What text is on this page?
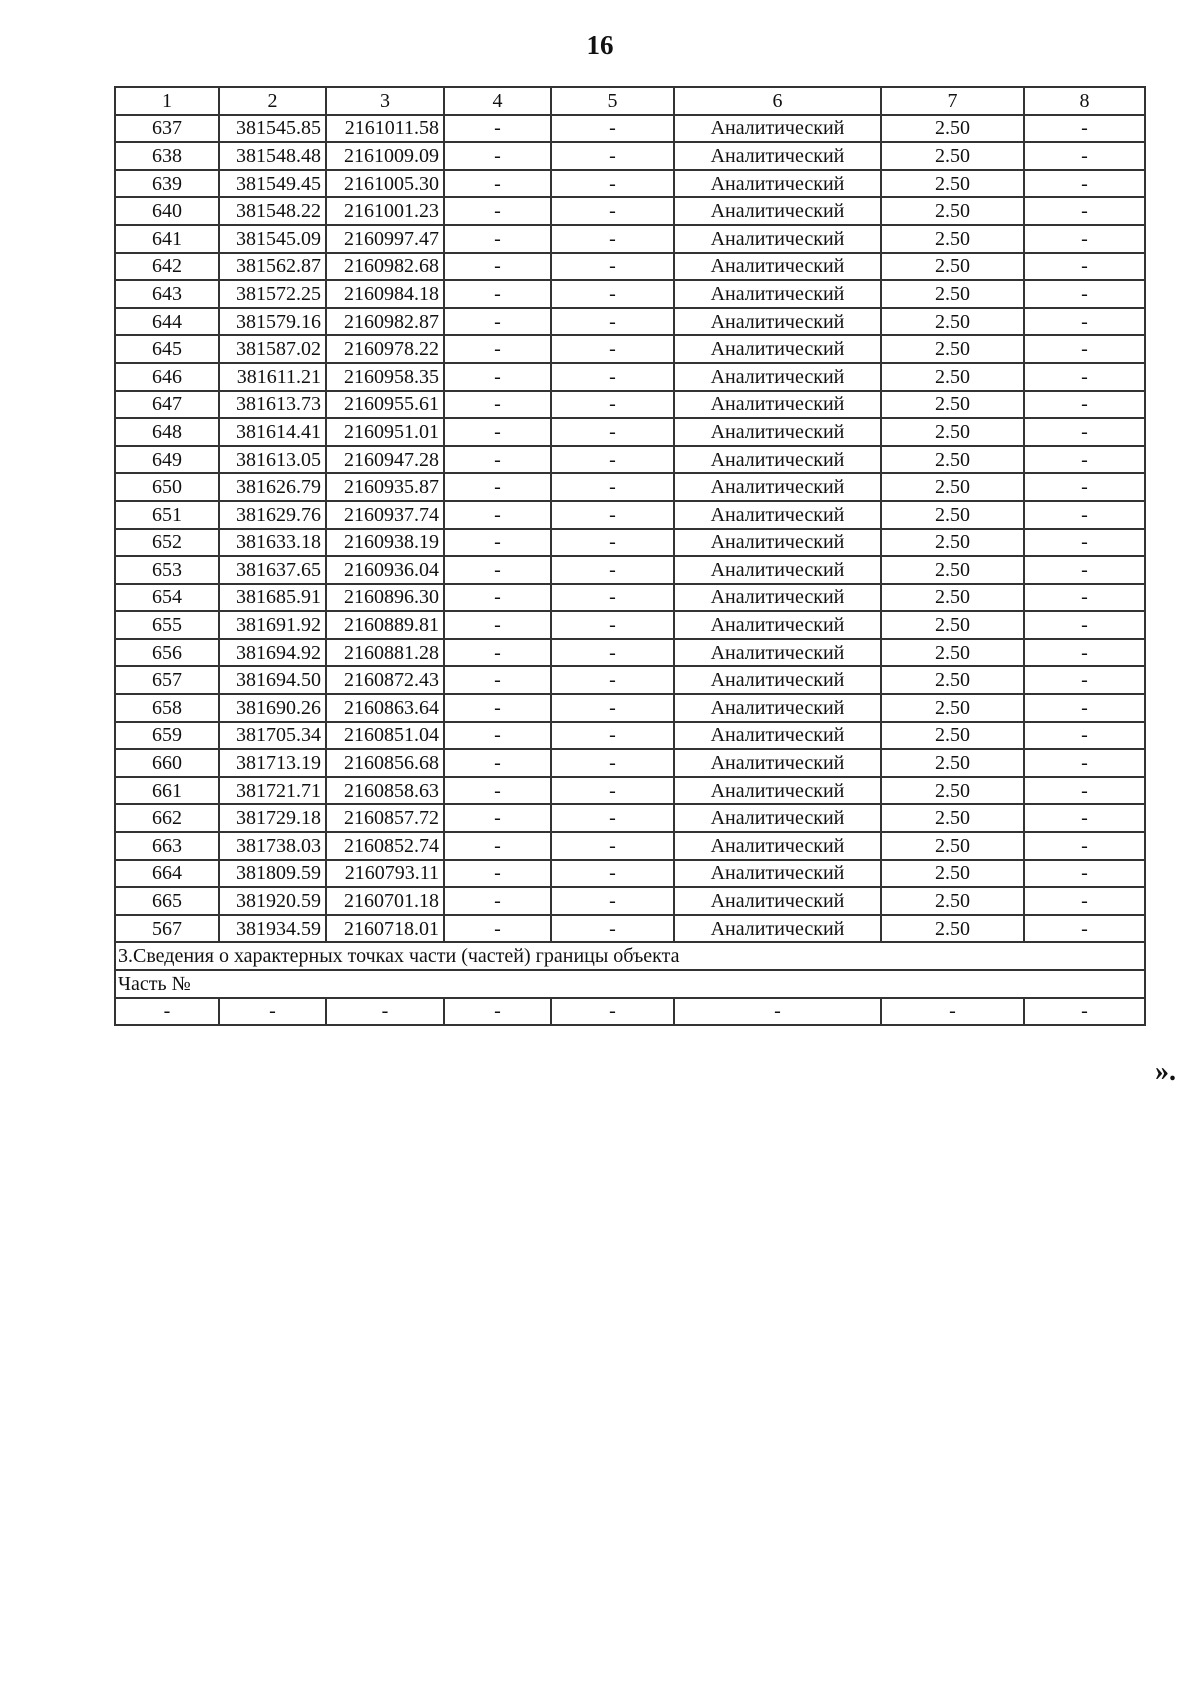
16
1	2	3	4	5	6	7	8
637	381545.85	2161011.58	-	-	Аналитический	2.50	-
638	381548.48	2161009.09	-	-	Аналитический	2.50	-
639	381549.45	2161005.30	-	-	Аналитический	2.50	-
640	381548.22	2161001.23	-	-	Аналитический	2.50	-
641	381545.09	2160997.47	-	-	Аналитический	2.50	-
642	381562.87	2160982.68	-	-	Аналитический	2.50	-
643	381572.25	2160984.18	-	-	Аналитический	2.50	-
644	381579.16	2160982.87	-	-	Аналитический	2.50	-
645	381587.02	2160978.22	-	-	Аналитический	2.50	-
646	381611.21	2160958.35	-	-	Аналитический	2.50	-
647	381613.73	2160955.61	-	-	Аналитический	2.50	-
648	381614.41	2160951.01	-	-	Аналитический	2.50	-
649	381613.05	2160947.28	-	-	Аналитический	2.50	-
650	381626.79	2160935.87	-	-	Аналитический	2.50	-
651	381629.76	2160937.74	-	-	Аналитический	2.50	-
652	381633.18	2160938.19	-	-	Аналитический	2.50	-
653	381637.65	2160936.04	-	-	Аналитический	2.50	-
654	381685.91	2160896.30	-	-	Аналитический	2.50	-
655	381691.92	2160889.81	-	-	Аналитический	2.50	-
656	381694.92	2160881.28	-	-	Аналитический	2.50	-
657	381694.50	2160872.43	-	-	Аналитический	2.50	-
658	381690.26	2160863.64	-	-	Аналитический	2.50	-
659	381705.34	2160851.04	-	-	Аналитический	2.50	-
660	381713.19	2160856.68	-	-	Аналитический	2.50	-
661	381721.71	2160858.63	-	-	Аналитический	2.50	-
662	381729.18	2160857.72	-	-	Аналитический	2.50	-
663	381738.03	2160852.74	-	-	Аналитический	2.50	-
664	381809.59	2160793.11	-	-	Аналитический	2.50	-
665	381920.59	2160701.18	-	-	Аналитический	2.50	-
567	381934.59	2160718.01	-	-	Аналитический	2.50	-
3.Сведения о характерных точках части (частей) границы объекта							
Часть №							
-	-	-	-	-	-	-	-
».
